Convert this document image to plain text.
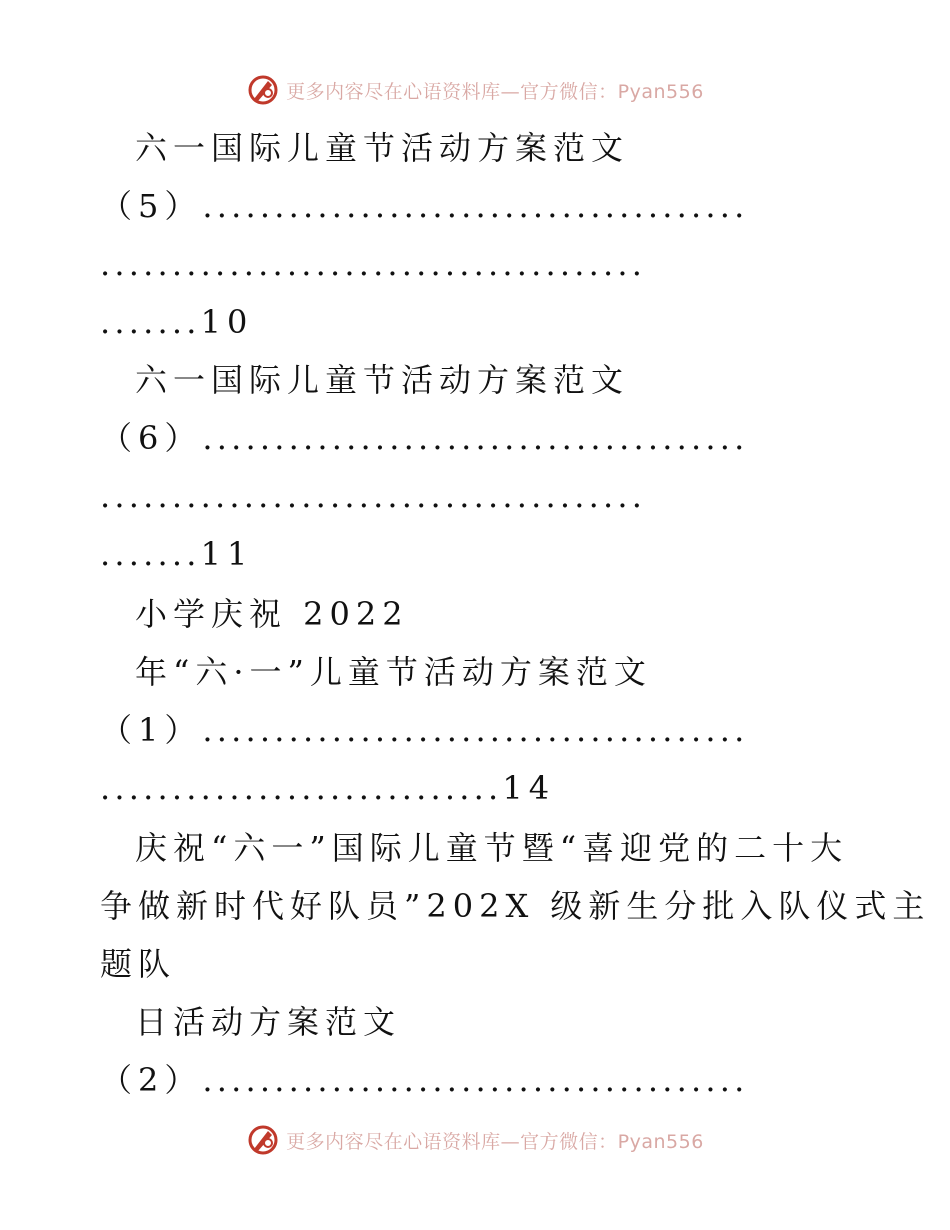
更多内容尽在心语资料库—官方微信：Pyan556
六一国际儿童节活动方案范文
（5）......................................
......................................
.......10
六一国际儿童节活动方案范文
（6）......................................
......................................
.......11
小学庆祝 2022
年“六·一”儿童节活动方案范文
（1）......................................
............................14
庆祝“六一”国际儿童节暨“喜迎党的二十大
争做新时代好队员”202X 级新生分批入队仪式主
题队
日活动方案范文
（2）......................................
更多内容尽在心语资料库—官方微信：Pyan556
